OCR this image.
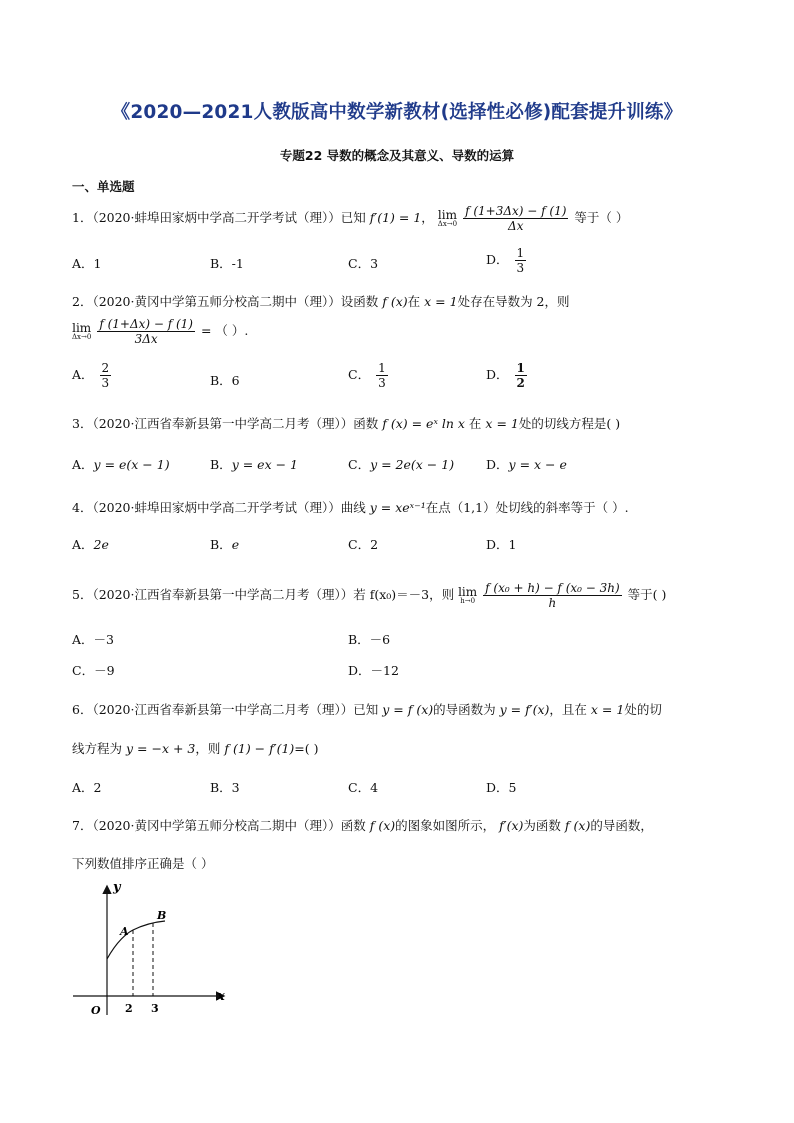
《2020—2021人教版高中数学新教材(选择性必修)配套提升训练》
专题22 导数的概念及其意义、导数的运算
一、单选题
1．（2020·蚌埠田家炳中学高二开学考试（理））已知 f′(1) = 1， lim
Δx→0
$\frac{f (1+3\Delta x) - f (1)}{\Delta x}$ 等于（ ）
A．1	B．-1	C．3	D． $\frac{1}{3}$
2．（2020·黄冈中学第五师分校高二期中（理））设函数 f (x)在 x = 1处存在导数为 2，则
lim
Δx→0
$\frac{f (1+\Delta x) - f (1)}{3\Delta x}$ = （ ）.
A． $\frac{2}{3}$	B．6	C． $\frac{1}{3}$	D． $\frac{1}{2}$
3．（2020·江西省奉新县第一中学高二月考（理））函数 f (x) = eˣ ln x 在 x = 1处的切线方程是( )
A．y = e(x − 1)	B．y = ex − 1	C．y = 2e(x − 1)	D．y = x − e
4．（2020·蚌埠田家炳中学高二开学考试（理））曲线 y = xeˣ⁻¹在点（1,1）处切线的斜率等于（ ）.
A．2e	B．e	C．2	D．1
5．（2020·江西省奉新县第一中学高二月考（理））若 f(x₀)＝－3，则 lim
h→0
$\frac{\text{f (x₀ + h) − f (x₀ − 3h)}}{h}$ 等于( )
A．－3	B．－6
C．－9	D．－12
6．（2020·江西省奉新县第一中学高二月考（理））已知 y = f (x)的导函数为 y = f′(x)，且在 x = 1处的切
线方程为 y = −x + 3，则 f (1) − f′(1)=( )
A．2	B．3	C．4	D．5
7．（2020·黄冈中学第五师分校高二期中（理））函数 f (x)的图象如图所示， f′(x)为函数 f (x)的导函数，
下列数值排序正确是（ ）
y
x
O
A
B
2 3
